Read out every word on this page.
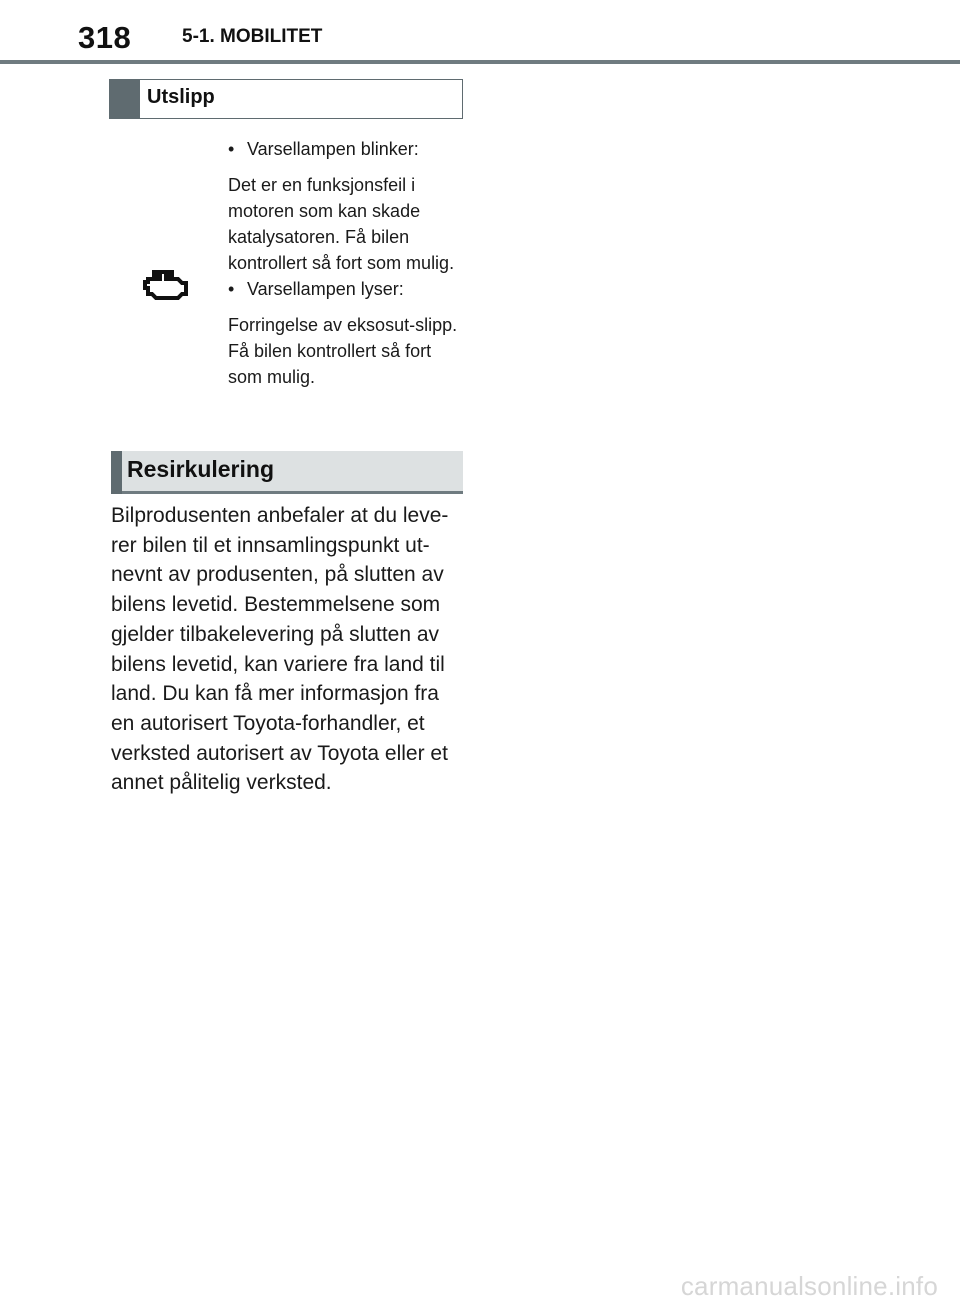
318	5-1. MOBILITET
Utslipp
• Varsellampen blinker:

Det er en funksjonsfeil i motoren som kan skade katalysatoren. Få bilen kontrollert så fort som mulig.

• Varsellampen lyser:

Forringelse av eksosut-slipp. Få bilen kontrollert så fort som mulig.

Resirkulering
Bilprodusenten anbefaler at du leve-
rer bilen til et innsamlingspunkt ut-
nevnt av produsenten, på slutten av
bilens levetid. Bestemmelsene som
gjelder tilbakelevering på slutten av
bilens levetid, kan variere fra land til
land. Du kan få mer informasjon fra
en autorisert Toyota-forhandler, et
verksted autorisert av Toyota eller et
annet pålitelig verksted.
carmanualsonline.info
